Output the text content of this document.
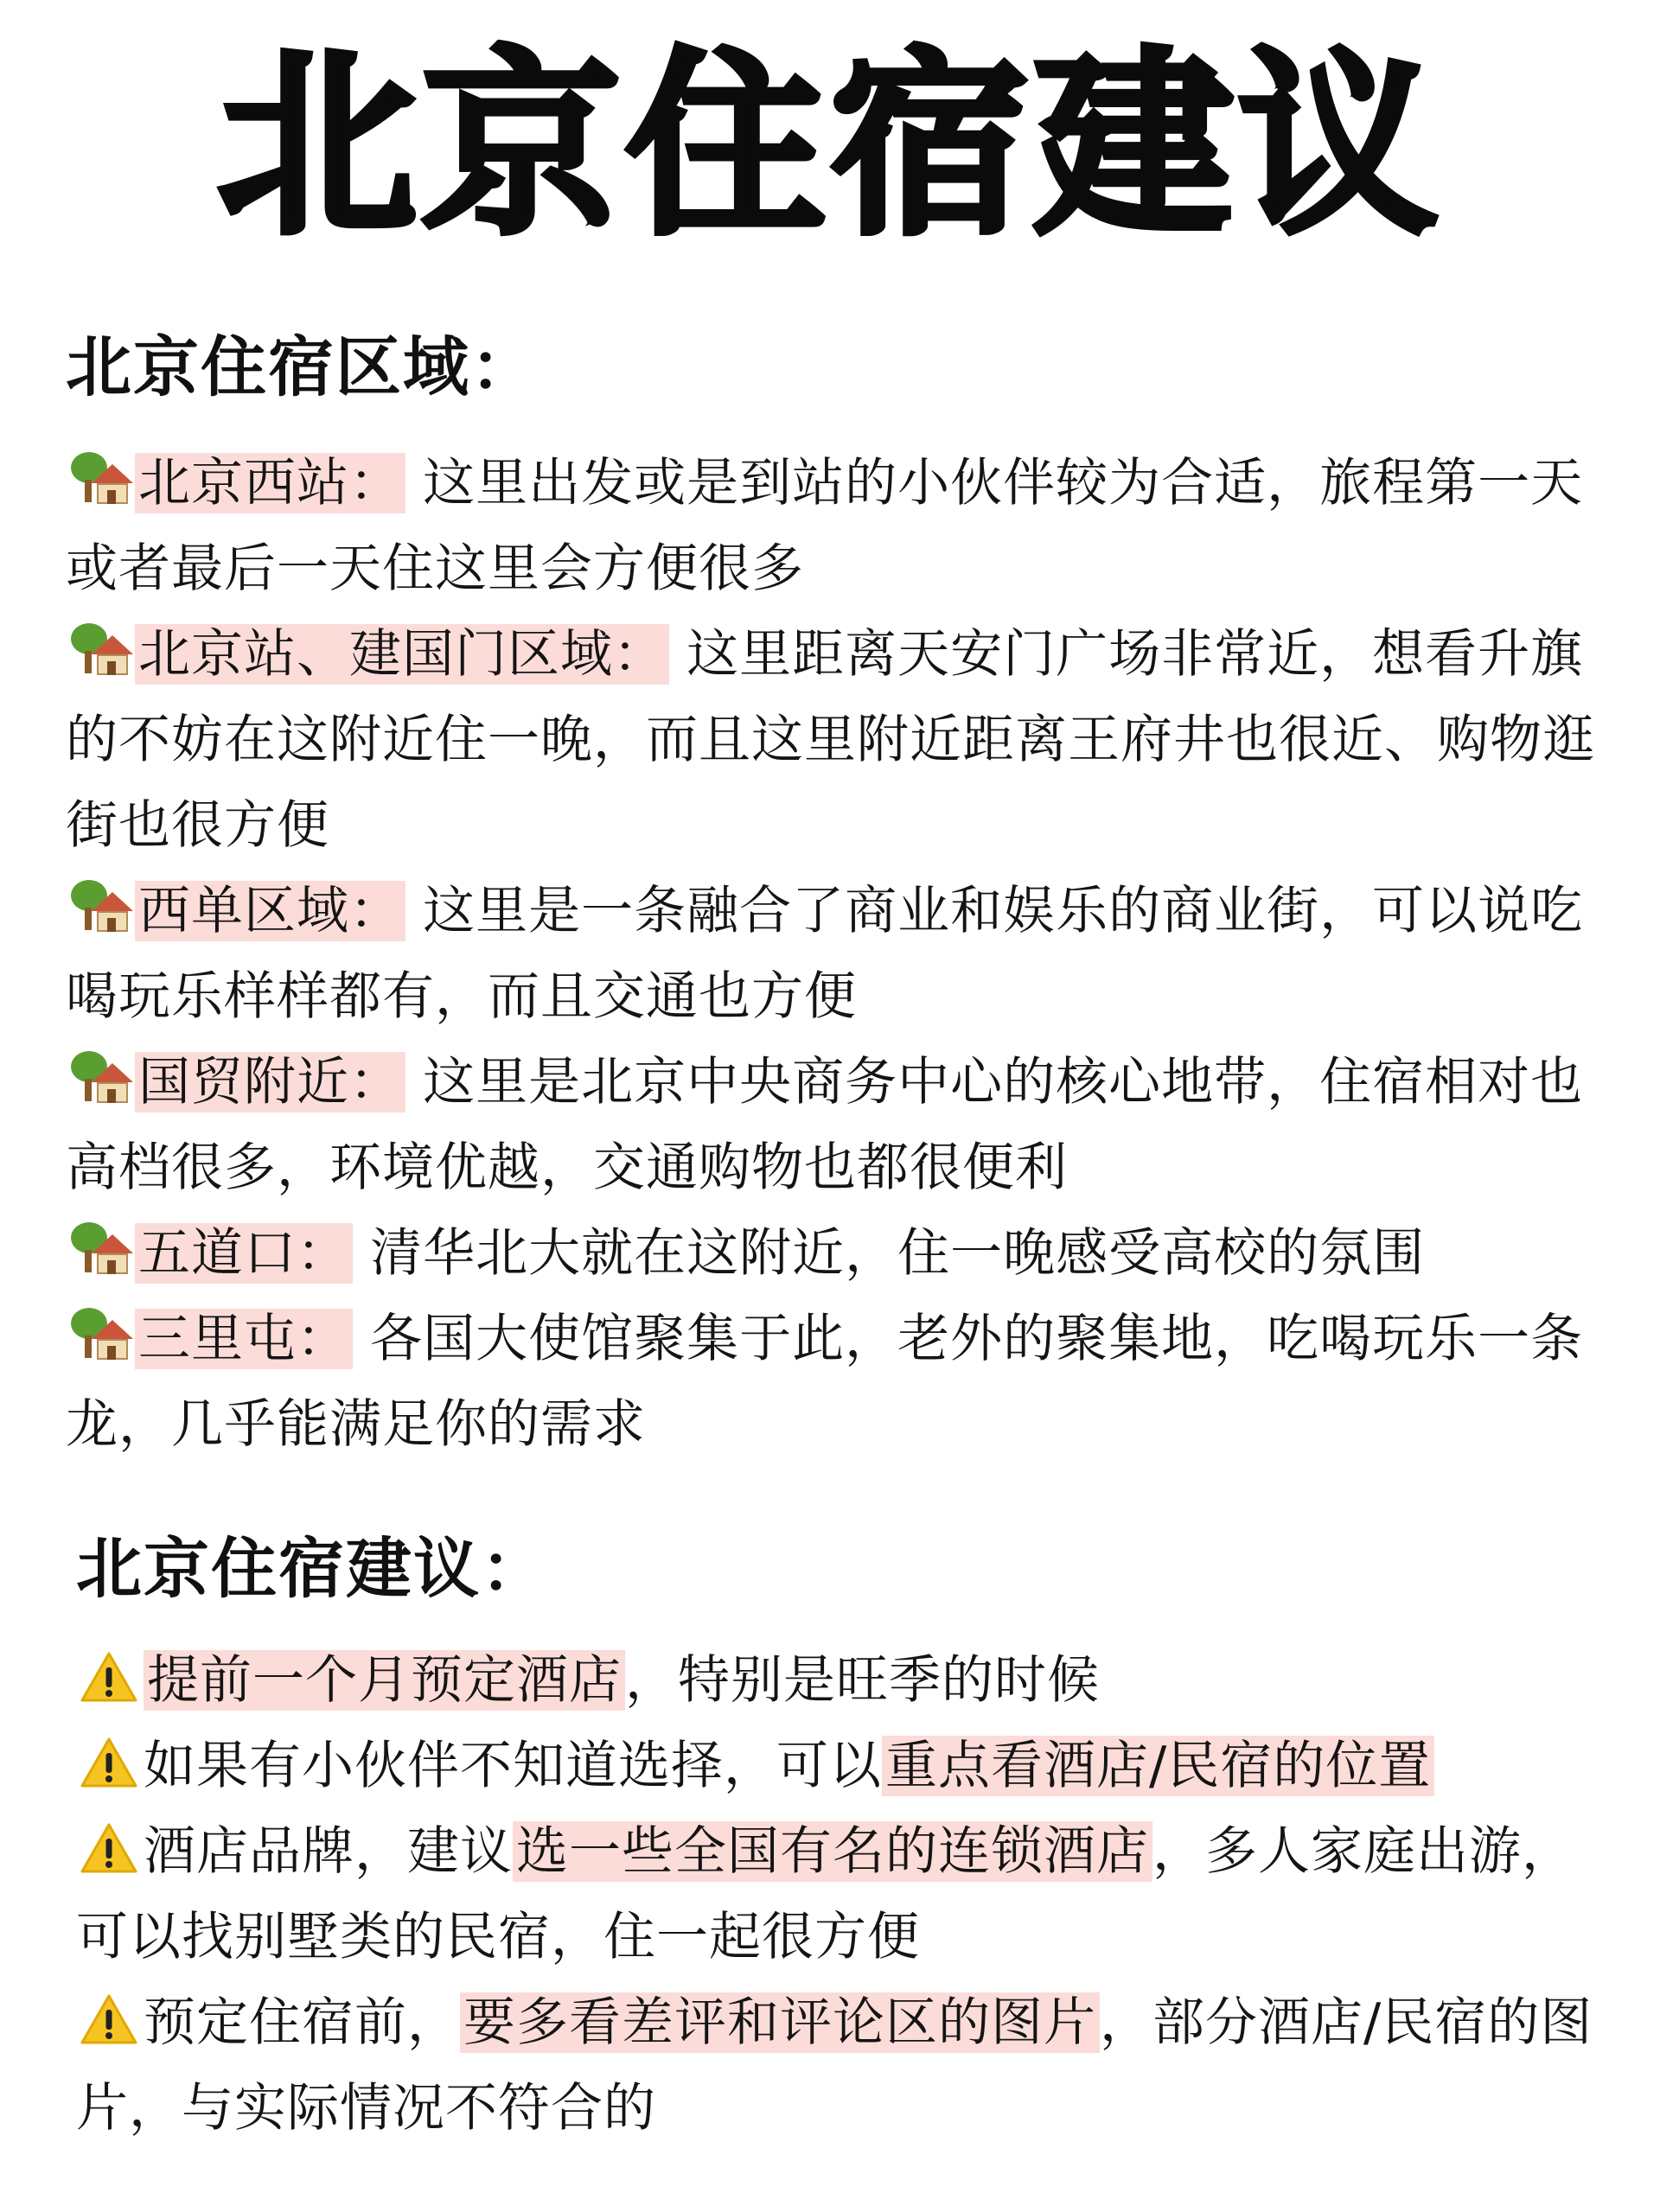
北京住宿建议
北京住宿区域：

北京西站： 这里出发或是到站的小伙伴较为合适，旅程第一天或者最后一天住这里会方便很多

北京站、建国门区域： 这里距离天安门广场非常近，想看升旗的不妨在这附近住一晚，而且这里附近距离王府井也很近、购物逛街也很方便

西单区域： 这里是一条融合了商业和娱乐的商业街，可以说吃喝玩乐样样都有，而且交通也方便

国贸附近： 这里是北京中央商务中心的核心地带，住宿相对也高档很多，环境优越，交通购物也都很便利

五道口： 清华北大就在这附近，住一晚感受高校的氛围

三里屯： 各国大使馆聚集于此，老外的聚集地，吃喝玩乐一条龙，几乎能满足你的需求

北京住宿建议：

提前一个月预定酒店，特别是旺季的时候

如果有小伙伴不知道选择，可以重点看酒店/民宿的位置

酒店品牌，建议选一些全国有名的连锁酒店，多人家庭出游，可以找别墅类的民宿，住一起很方便

预定住宿前，要多看差评和评论区的图片，部分酒店/民宿的图片，与实际情况不符合的
